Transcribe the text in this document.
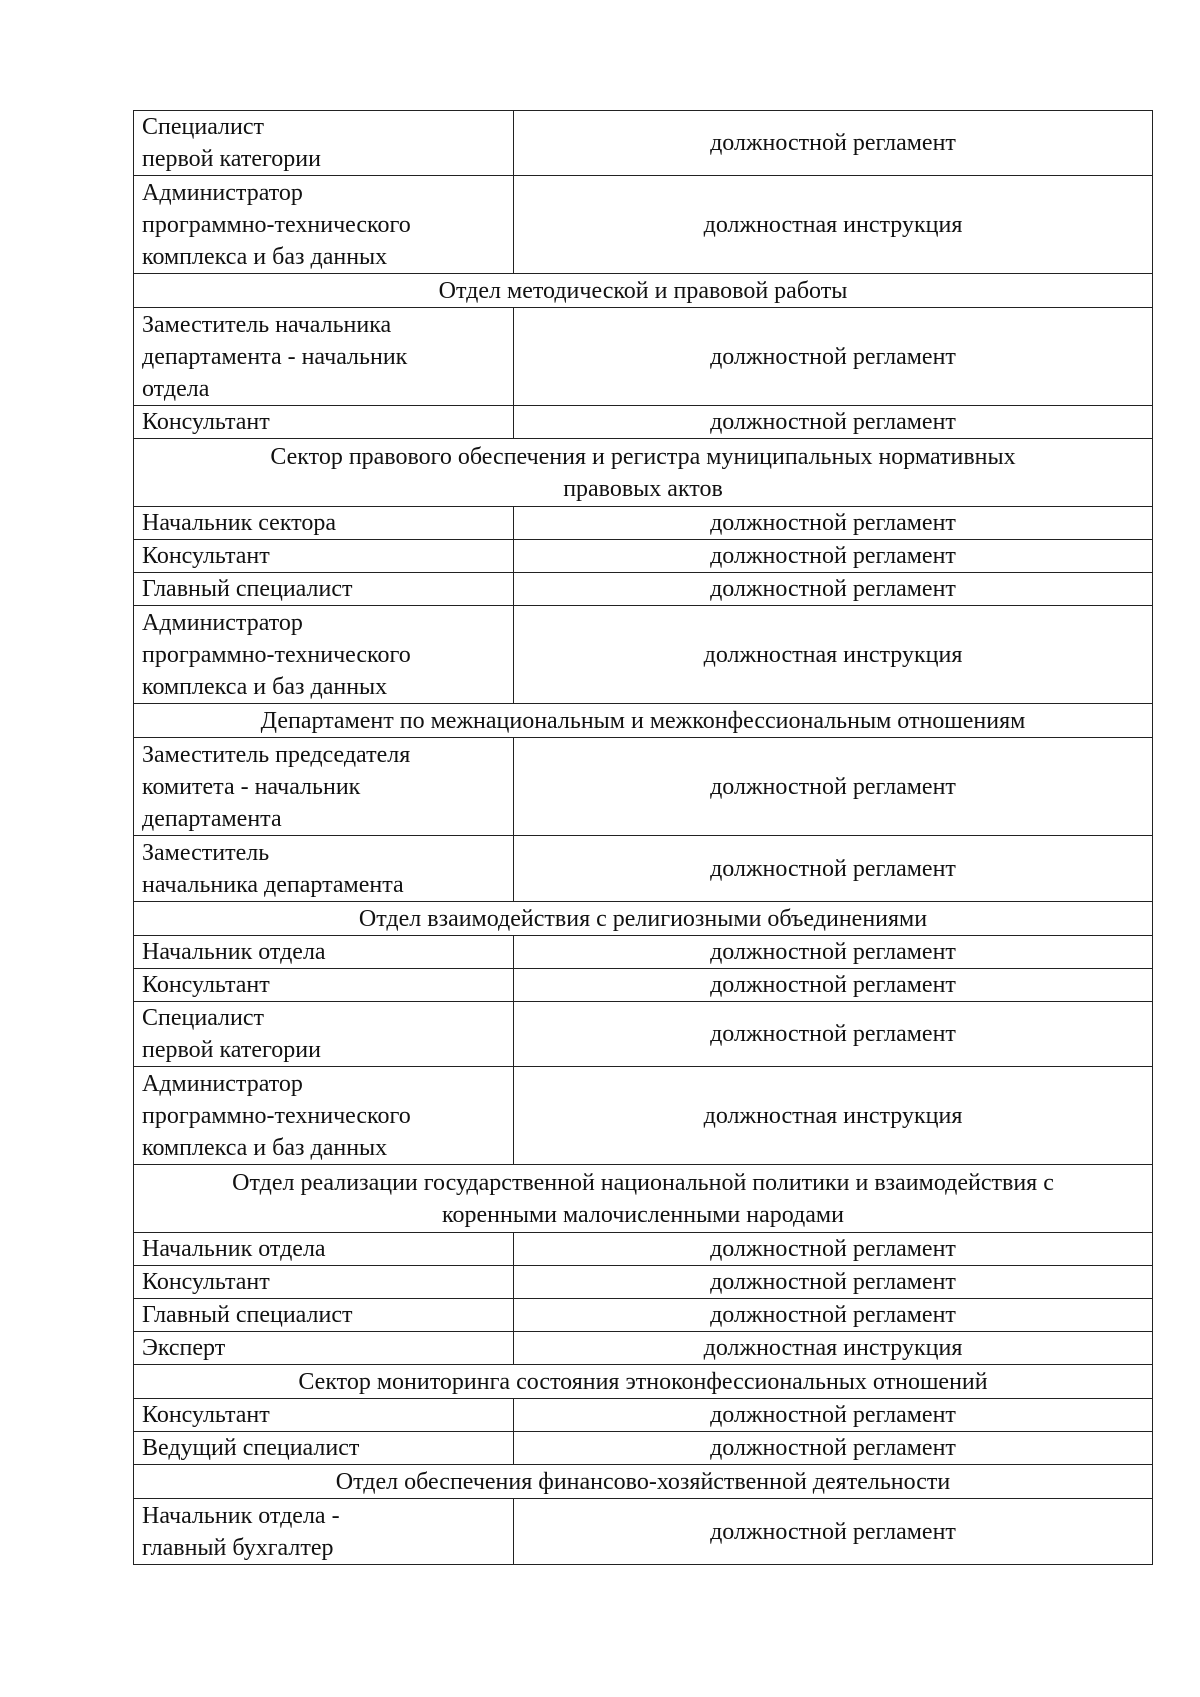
Специалист
первой категории	должностной регламент

Администратор
программно-технического
комплекса и баз данных	должностная инструкция

Отдел методической и правовой работы	

Заместитель начальника
департамента - начальник
отдела	должностной регламент

Консультант	должностной регламент

Сектор правового обеспечения и регистра муниципальных нормативных
правовых актов	

Начальник сектора	должностной регламент

Консультант	должностной регламент

Главный специалист	должностной регламент

Администратор
программно-технического
комплекса и баз данных	должностная инструкция

Департамент по межнациональным и межконфессиональным отношениям	

Заместитель председателя
комитета - начальник
департамента	должностной регламент

Заместитель
начальника департамента	должностной регламент

Отдел взаимодействия с религиозными объединениями	

Начальник отдела	должностной регламент

Консультант	должностной регламент

Специалист
первой категории	должностной регламент

Администратор
программно-технического
комплекса и баз данных	должностная инструкция

Отдел реализации государственной национальной политики и взаимодействия с
коренными малочисленными народами	

Начальник отдела	должностной регламент

Консультант	должностной регламент

Главный специалист	должностной регламент

Эксперт	должностная инструкция

Сектор мониторинга состояния этноконфессиональных отношений	

Консультант	должностной регламент

Ведущий специалист	должностной регламент

Отдел обеспечения финансово-хозяйственной деятельности	

Начальник отдела -
главный бухгалтер	должностной регламент
